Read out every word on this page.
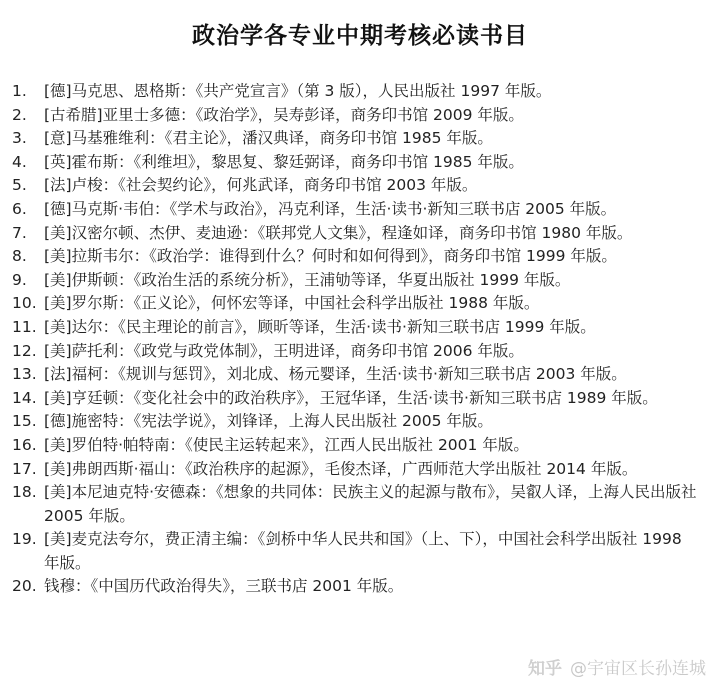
政治学各专业中期考核必读书目
1.	[德]马克思、恩格斯：《共产党宣言》（第 3 版），人民出版社 1997 年版。
2.	[古希腊]亚里士多德：《政治学》，吴寿彭译，商务印书馆 2009 年版。
3.	[意]马基雅维利：《君主论》，潘汉典译，商务印书馆 1985 年版。
4.	[英]霍布斯：《利维坦》，黎思复、黎廷弼译，商务印书馆 1985 年版。
5.	[法]卢梭：《社会契约论》，何兆武译，商务印书馆 2003 年版。
6.	[德]马克斯·韦伯：《学术与政治》，冯克利译，生活·读书·新知三联书店 2005 年版。
7.	[美]汉密尔顿、杰伊、麦迪逊：《联邦党人文集》，程逢如译，商务印书馆 1980 年版。
8.	[美]拉斯韦尔：《政治学：谁得到什么？何时和如何得到》，商务印书馆 1999 年版。
9.	[美]伊斯顿：《政治生活的系统分析》，王浦劬等译，华夏出版社 1999 年版。
10. [美]罗尔斯：《正义论》，何怀宏等译，中国社会科学出版社 1988 年版。
11. [美]达尔：《民主理论的前言》，顾昕等译，生活·读书·新知三联书店 1999 年版。
12. [美]萨托利：《政党与政党体制》，王明进译，商务印书馆 2006 年版。
13. [法]福柯：《规训与惩罚》，刘北成、杨元婴译，生活·读书·新知三联书店 2003 年版。
14. [美]亨廷顿：《变化社会中的政治秩序》，王冠华译，生活·读书·新知三联书店 1989 年版。
15. [德]施密特：《宪法学说》，刘锋译，上海人民出版社 2005 年版。
16. [美]罗伯特·帕特南：《使民主运转起来》，江西人民出版社 2001 年版。
17. [美]弗朗西斯·福山：《政治秩序的起源》，毛俊杰译，广西师范大学出版社 2014 年版。
18. [美]本尼迪克特·安德森：《想象的共同体：民族主义的起源与散布》，吴叡人译，上海人民出版社 2005 年版。
19. [美]麦克法夸尔，费正清主编：《剑桥中华人民共和国》（上、下），中国社会科学出版社 1998 年版。
20. 钱穆：《中国历代政治得失》，三联书店 2001 年版。
知乎 @宇宙区长孙连城
